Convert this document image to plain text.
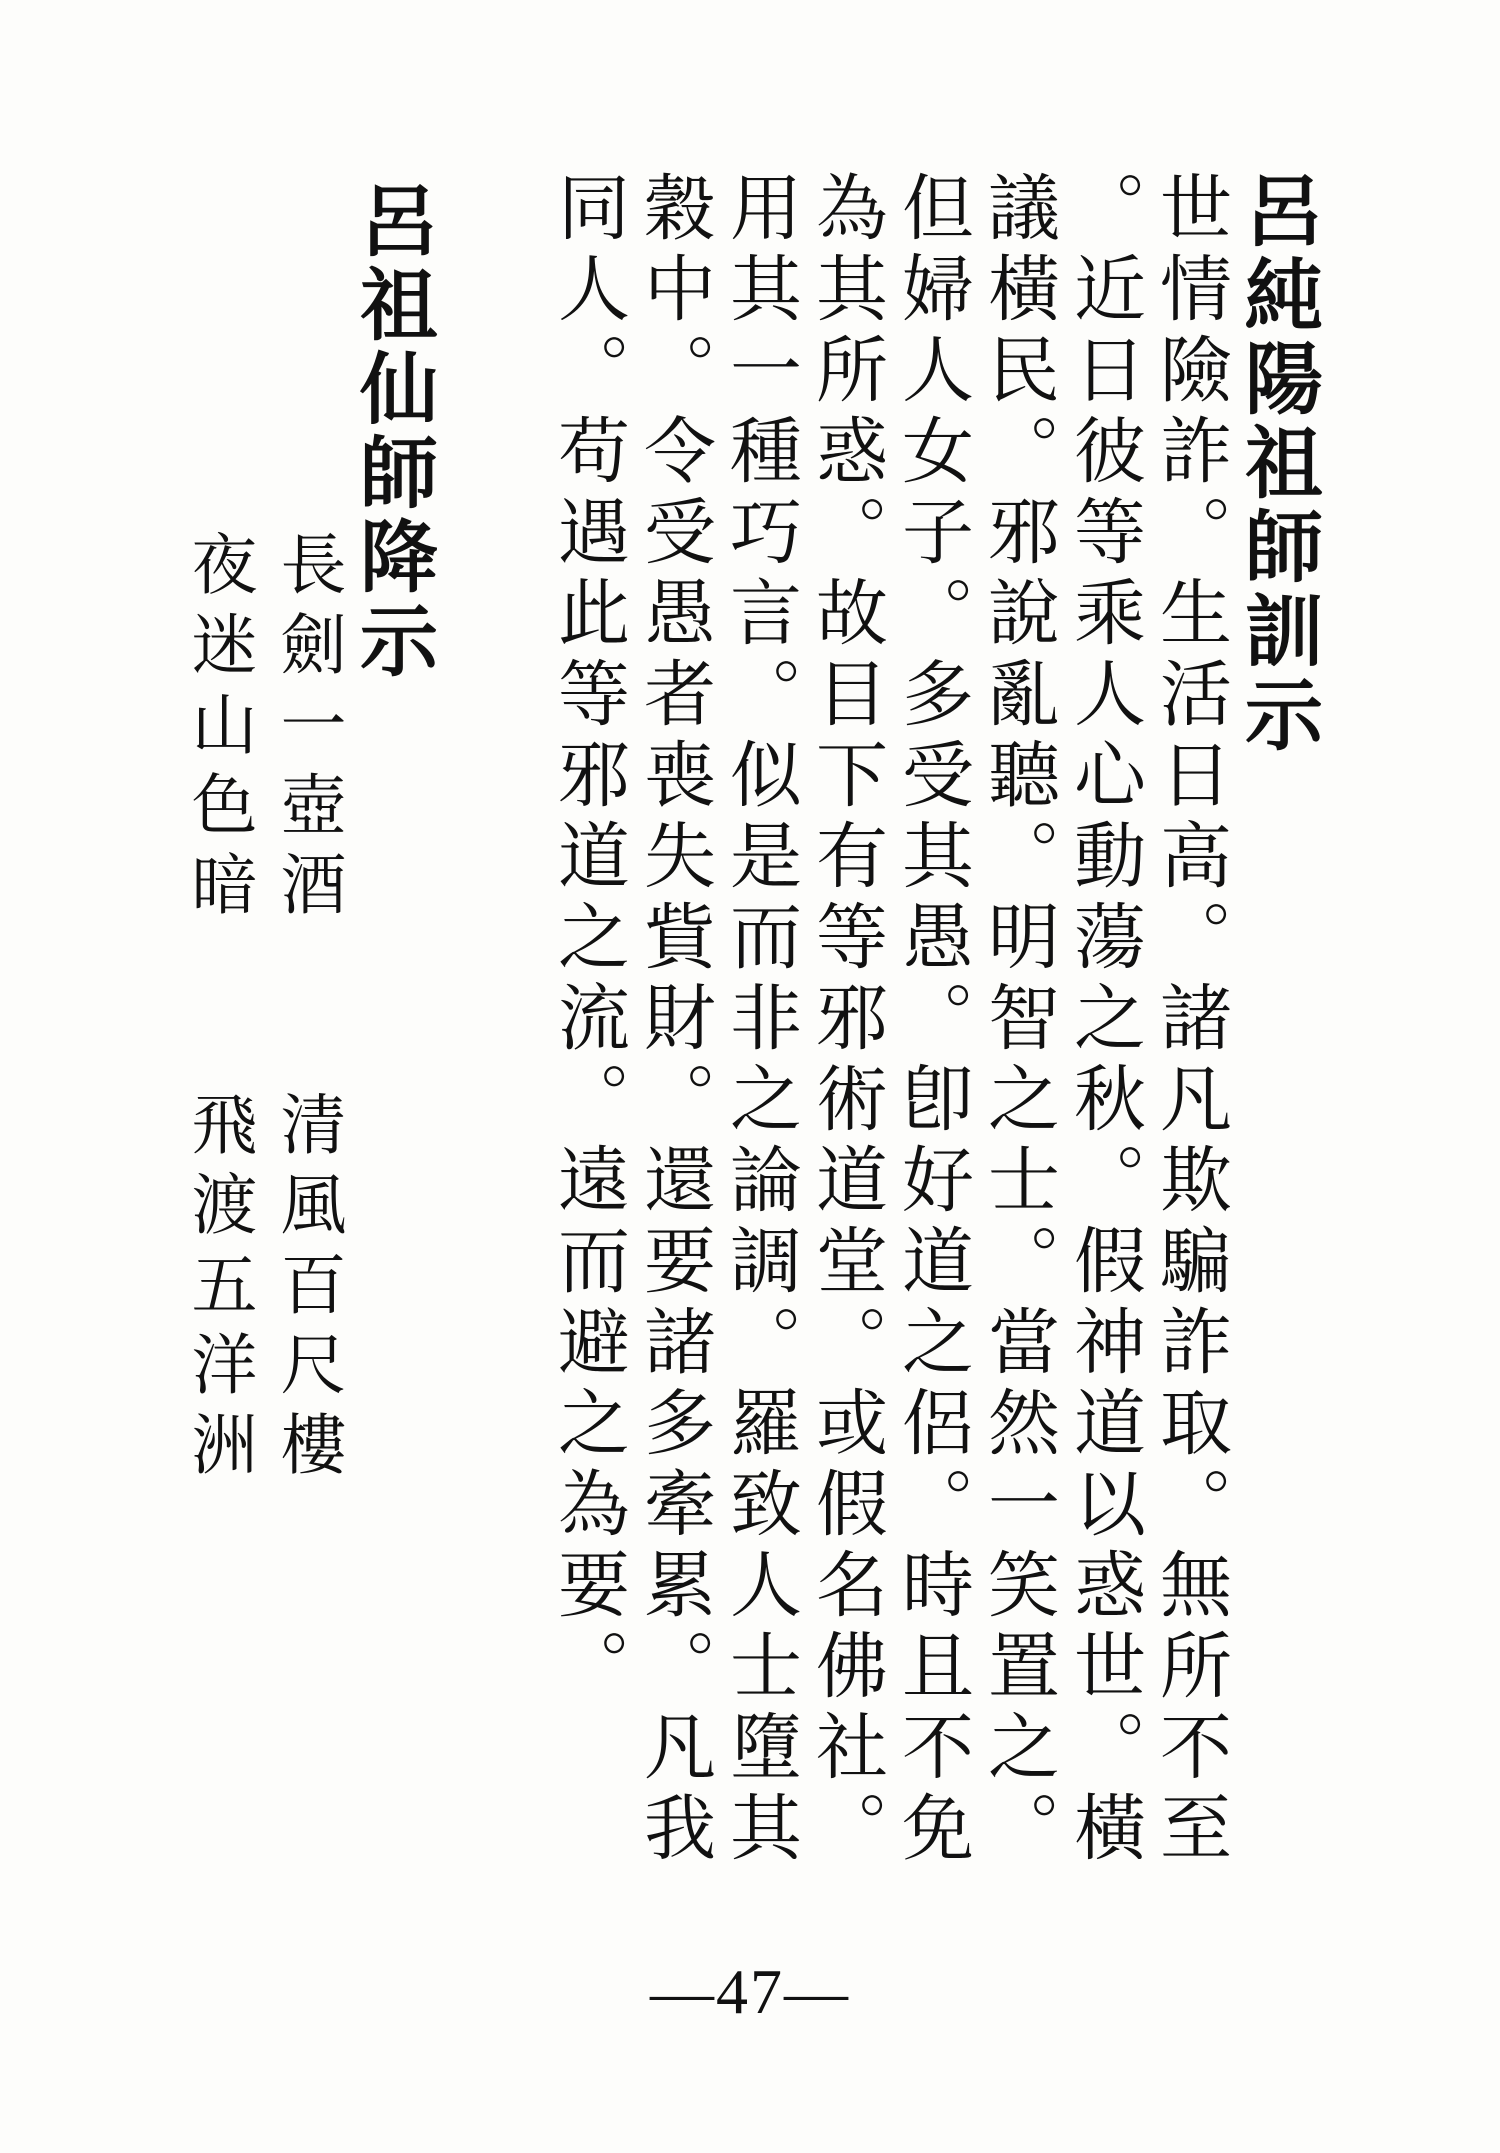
呂純陽祖師訓示
世情險詐。生活日高。諸凡欺騙詐取。無所不至
。近日彼等乘人心動蕩之秋。假神道以惑世。橫
議橫民。邪說亂聽。明智之士。當然一笑置之。
但婦人女子。多受其愚。卽好道之侶。時且不免
為其所惑。故目下有等邪術道堂。或假名佛社。
用其一種巧言。似是而非之論調。羅致人士墮其
穀中。令受愚者喪失貲財。還要諸多牽累。凡我
同人。苟遇此等邪道之流。遠而避之為要。
呂祖仙師降示
長劍一壺酒
夜迷山色暗
清風百尺樓
飛渡五洋洲
—47—
